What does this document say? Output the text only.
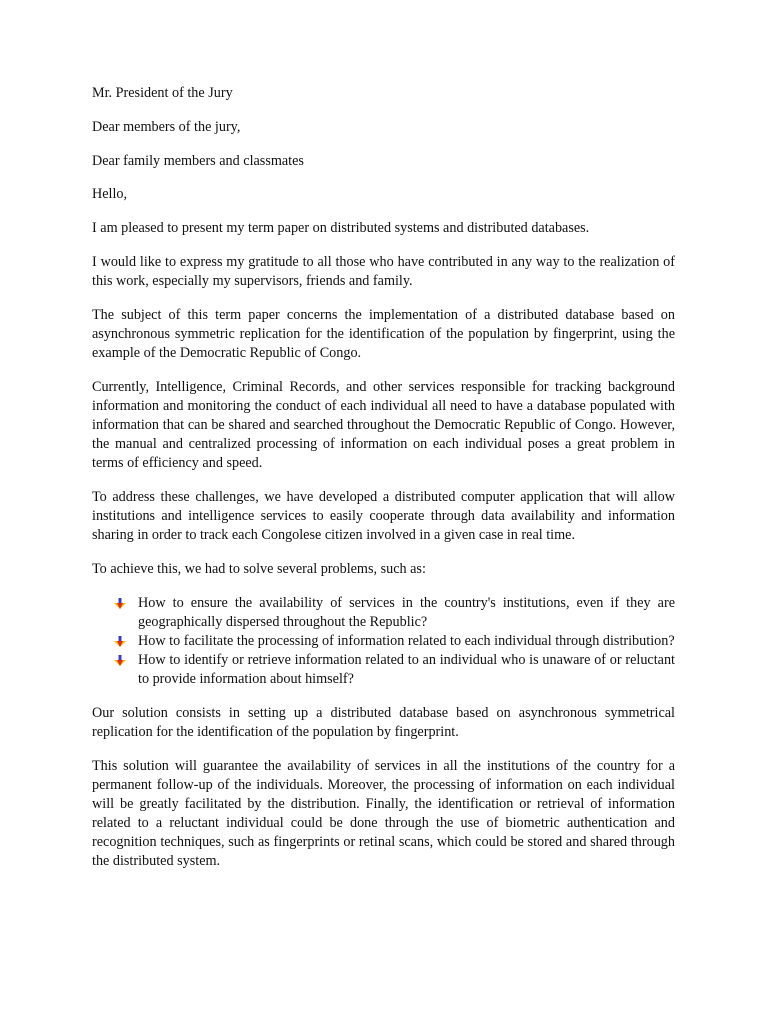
Mr. President of the Jury

Dear members of the jury,

Dear family members and classmates

Hello,

I am pleased to present my term paper on distributed systems and distributed databases.

I would like to express my gratitude to all those who have contributed in any way to the realization of this work, especially my supervisors, friends and family.

The subject of this term paper concerns the implementation of a distributed database based on asynchronous symmetric replication for the identification of the population by fingerprint, using the example of the Democratic Republic of Congo.

Currently, Intelligence, Criminal Records, and other services responsible for tracking background information and monitoring the conduct of each individual all need to have a database populated with information that can be shared and searched throughout the Democratic Republic of Congo. However, the manual and centralized processing of information on each individual poses a great problem in terms of efficiency and speed.

To address these challenges, we have developed a distributed computer application that will allow institutions and intelligence services to easily cooperate through data availability and information sharing in order to track each Congolese citizen involved in a given case in real time.

To achieve this, we had to solve several problems, such as:

How to ensure the availability of services in the country's institutions, even if they are geographically dispersed throughout the Republic?
How to facilitate the processing of information related to each individual through distribution?
How to identify or retrieve information related to an individual who is unaware of or reluctant to provide information about himself?

Our solution consists in setting up a distributed database based on asynchronous symmetrical replication for the identification of the population by fingerprint.

This solution will guarantee the availability of services in all the institutions of the country for a permanent follow-up of the individuals. Moreover, the processing of information on each individual will be greatly facilitated by the distribution. Finally, the identification or retrieval of information related to a reluctant individual could be done through the use of biometric authentication and recognition techniques, such as fingerprints or retinal scans, which could be stored and shared through the distributed system.
